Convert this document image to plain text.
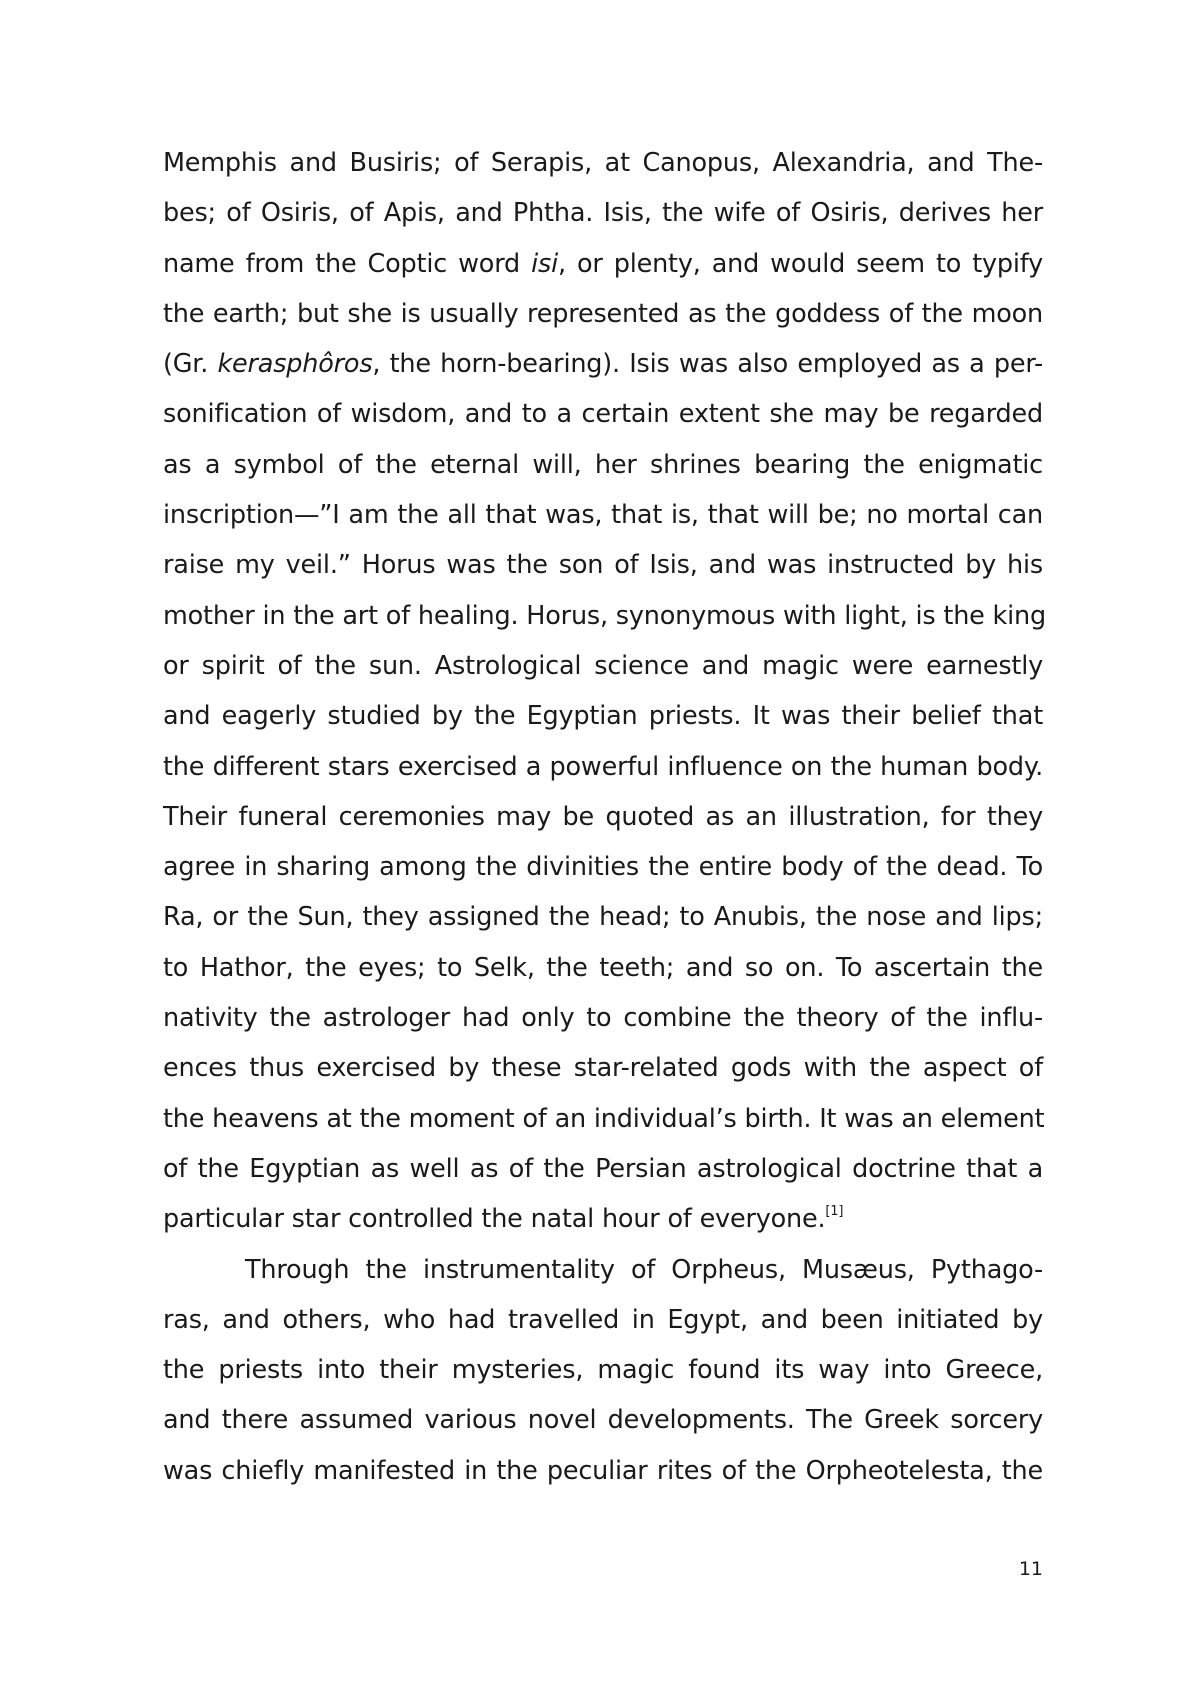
Memphis and Busiris; of Serapis, at Canopus, Alexandria, and The-
bes; of Osiris, of Apis, and Phtha. Isis, the wife of Osiris, derives her
name from the Coptic word isi, or plenty, and would seem to typify
the earth; but she is usually represented as the goddess of the moon
(Gr. kerasphôros, the horn-bearing). Isis was also employed as a per-
sonification of wisdom, and to a certain extent she may be regarded
as a symbol of the eternal will, her shrines bearing the enigmatic
inscription—”I am the all that was, that is, that will be; no mortal can
raise my veil.” Horus was the son of Isis, and was instructed by his
mother in the art of healing. Horus, synonymous with light, is the king
or spirit of the sun. Astrological science and magic were earnestly
and eagerly studied by the Egyptian priests. It was their belief that
the different stars exercised a powerful influence on the human body.
Their funeral ceremonies may be quoted as an illustration, for they
agree in sharing among the divinities the entire body of the dead. To
Ra, or the Sun, they assigned the head; to Anubis, the nose and lips;
to Hathor, the eyes; to Selk, the teeth; and so on. To ascertain the
nativity the astrologer had only to combine the theory of the influ-
ences thus exercised by these star-related gods with the aspect of
the heavens at the moment of an individual’s birth. It was an element
of the Egyptian as well as of the Persian astrological doctrine that a
particular star controlled the natal hour of everyone.[1]
Through the instrumentality of Orpheus, Musæus, Pythago-
ras, and others, who had travelled in Egypt, and been initiated by
the priests into their mysteries, magic found its way into Greece,
and there assumed various novel developments. The Greek sorcery
was chiefly manifested in the peculiar rites of the Orpheotelesta, the
11
